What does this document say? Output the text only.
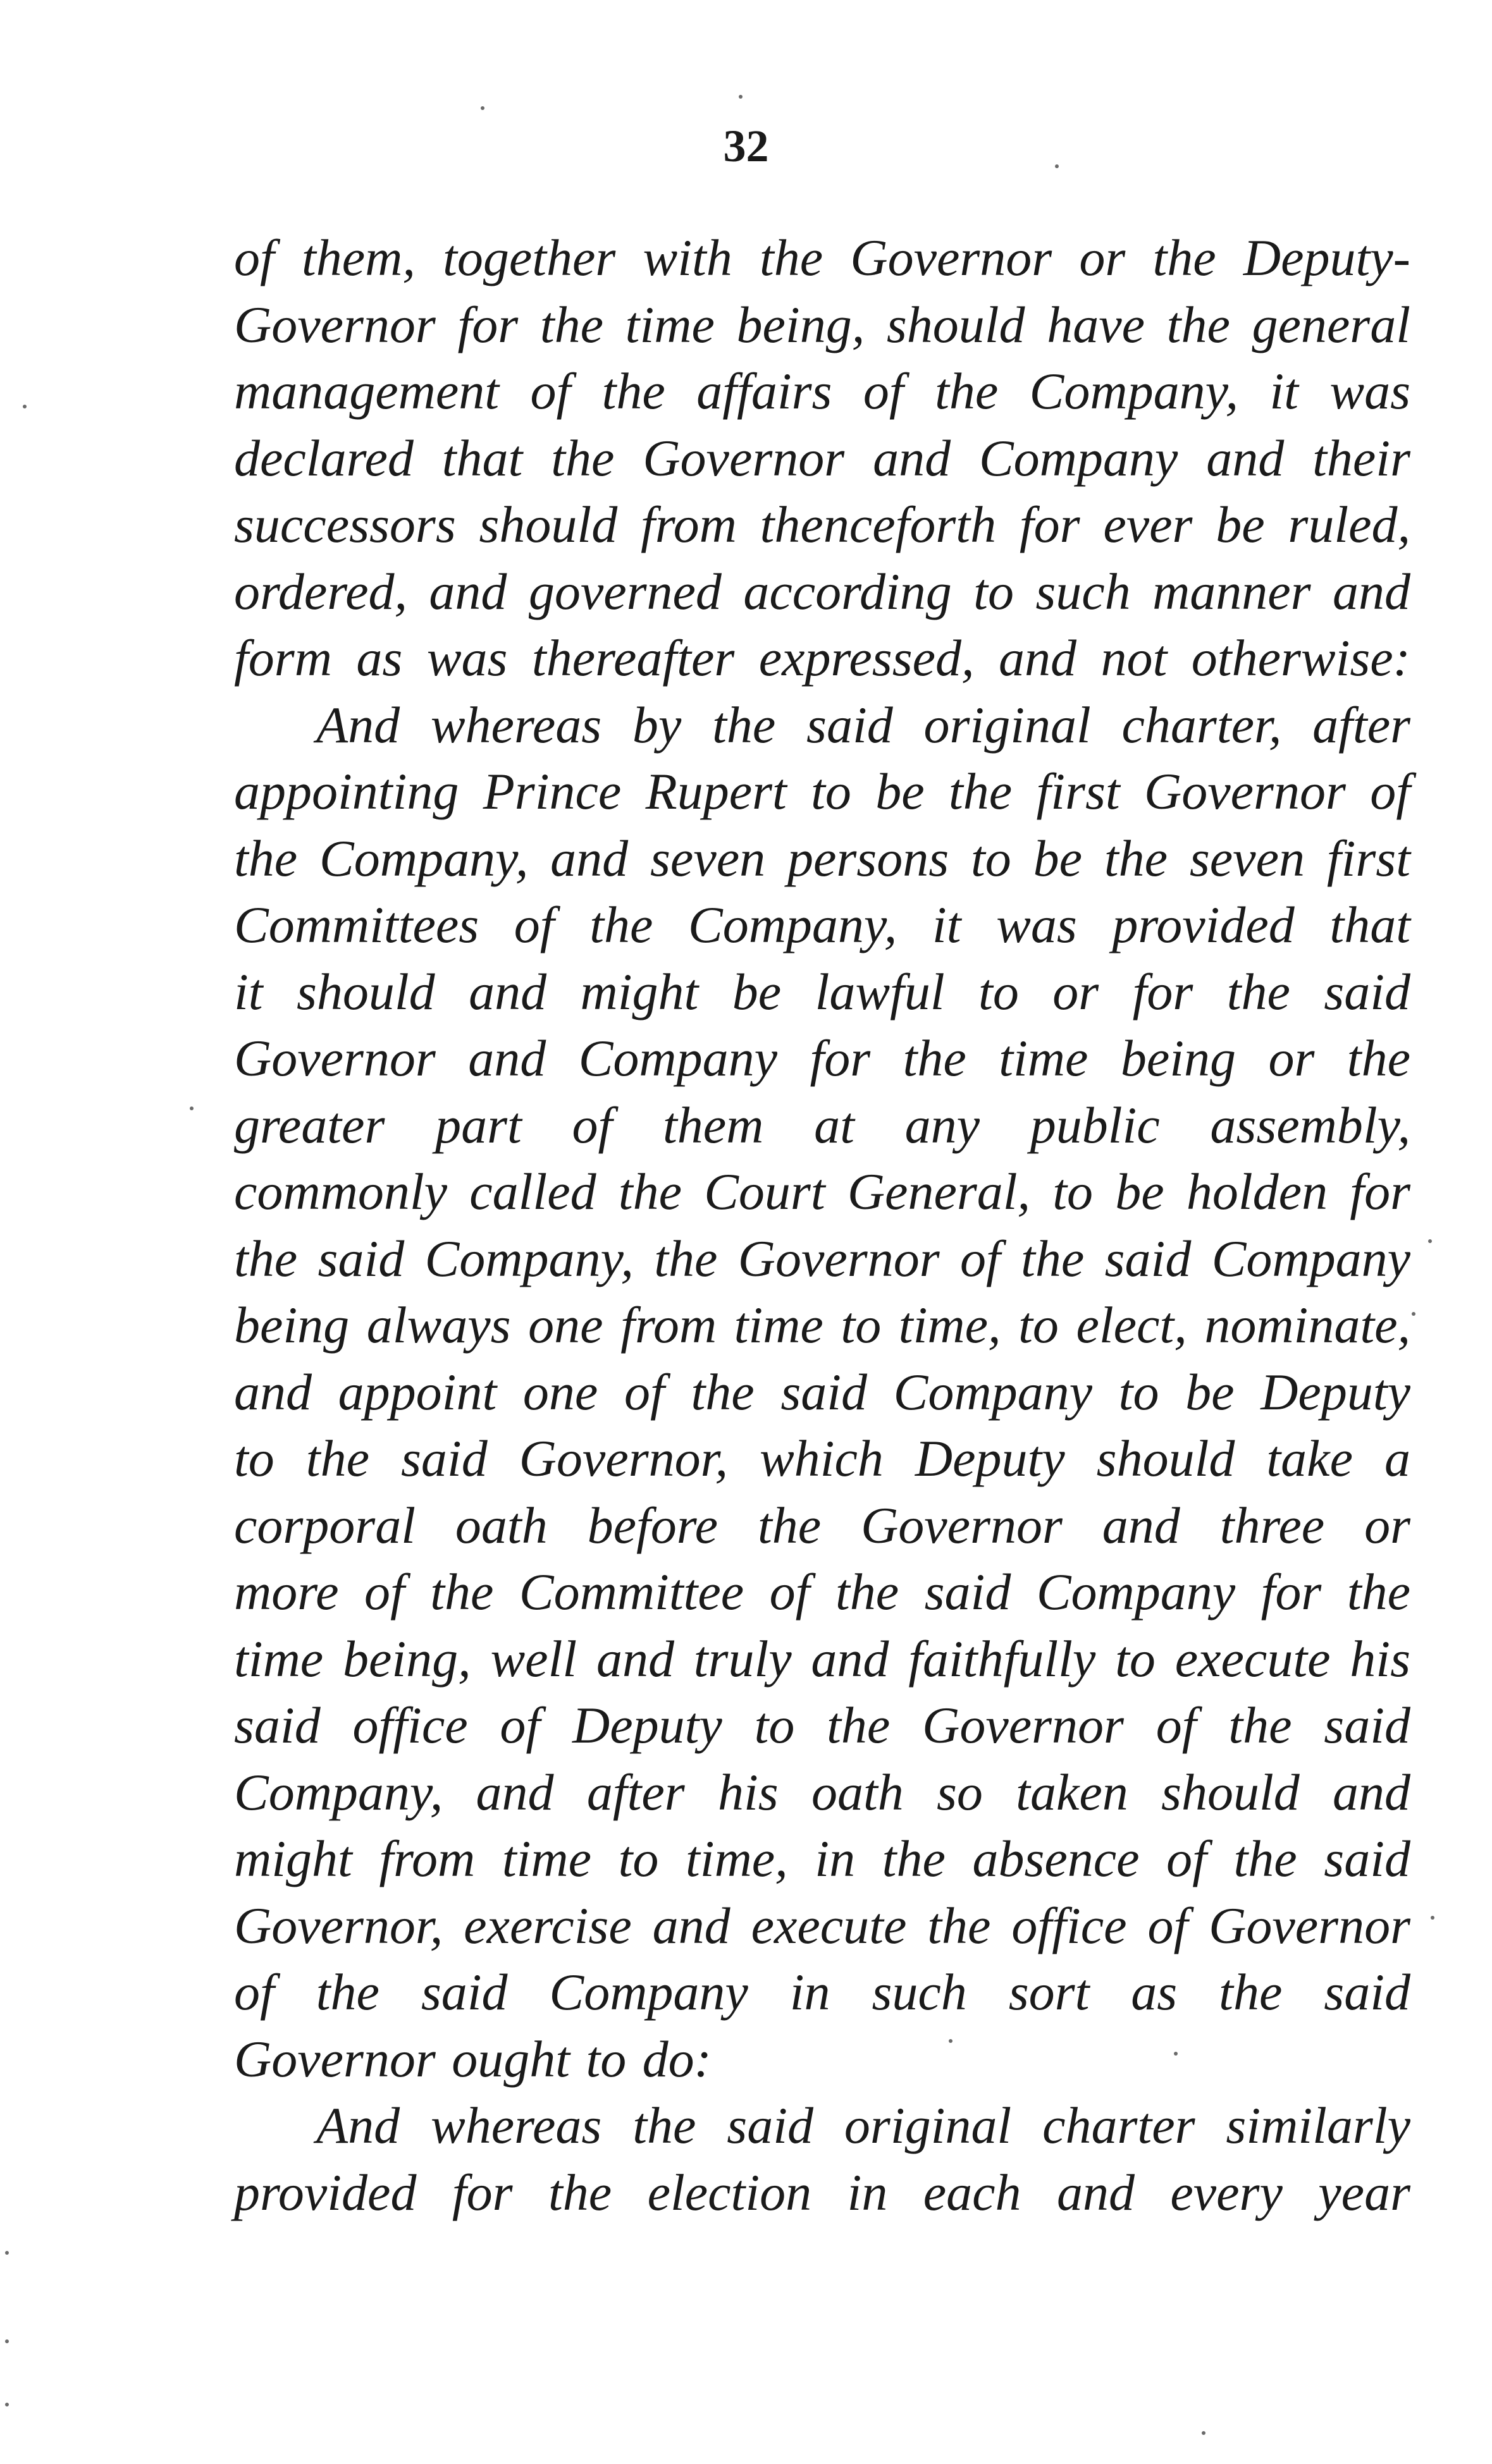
32
of them, together with the Governor or the Deputy-
Governor for the time being, should have the general
management of the affairs of the Company, it was
declared that the Governor and Company and their
successors should from thenceforth for ever be ruled,
ordered, and governed according to such manner and
form as was thereafter expressed, and not otherwise:
And whereas by the said original charter, after
appointing Prince Rupert to be the first Governor of
the Company, and seven persons to be the seven first
Committees of the Company, it was provided that
it should and might be lawful to or for the said
Governor and Company for the time being or the
greater part of them at any public assembly,
commonly called the Court General, to be holden for
the said Company, the Governor of the said Company
being always one from time to time, to elect, nominate,
and appoint one of the said Company to be Deputy
to the said Governor, which Deputy should take a
corporal oath before the Governor and three or
more of the Committee of the said Company for the
time being, well and truly and faithfully to execute his
said office of Deputy to the Governor of the said
Company, and after his oath so taken should and
might from time to time, in the absence of the said
Governor, exercise and execute the office of Governor
of the said Company in such sort as the said
Governor ought to do:
And whereas the said original charter similarly
provided for the election in each and every year
